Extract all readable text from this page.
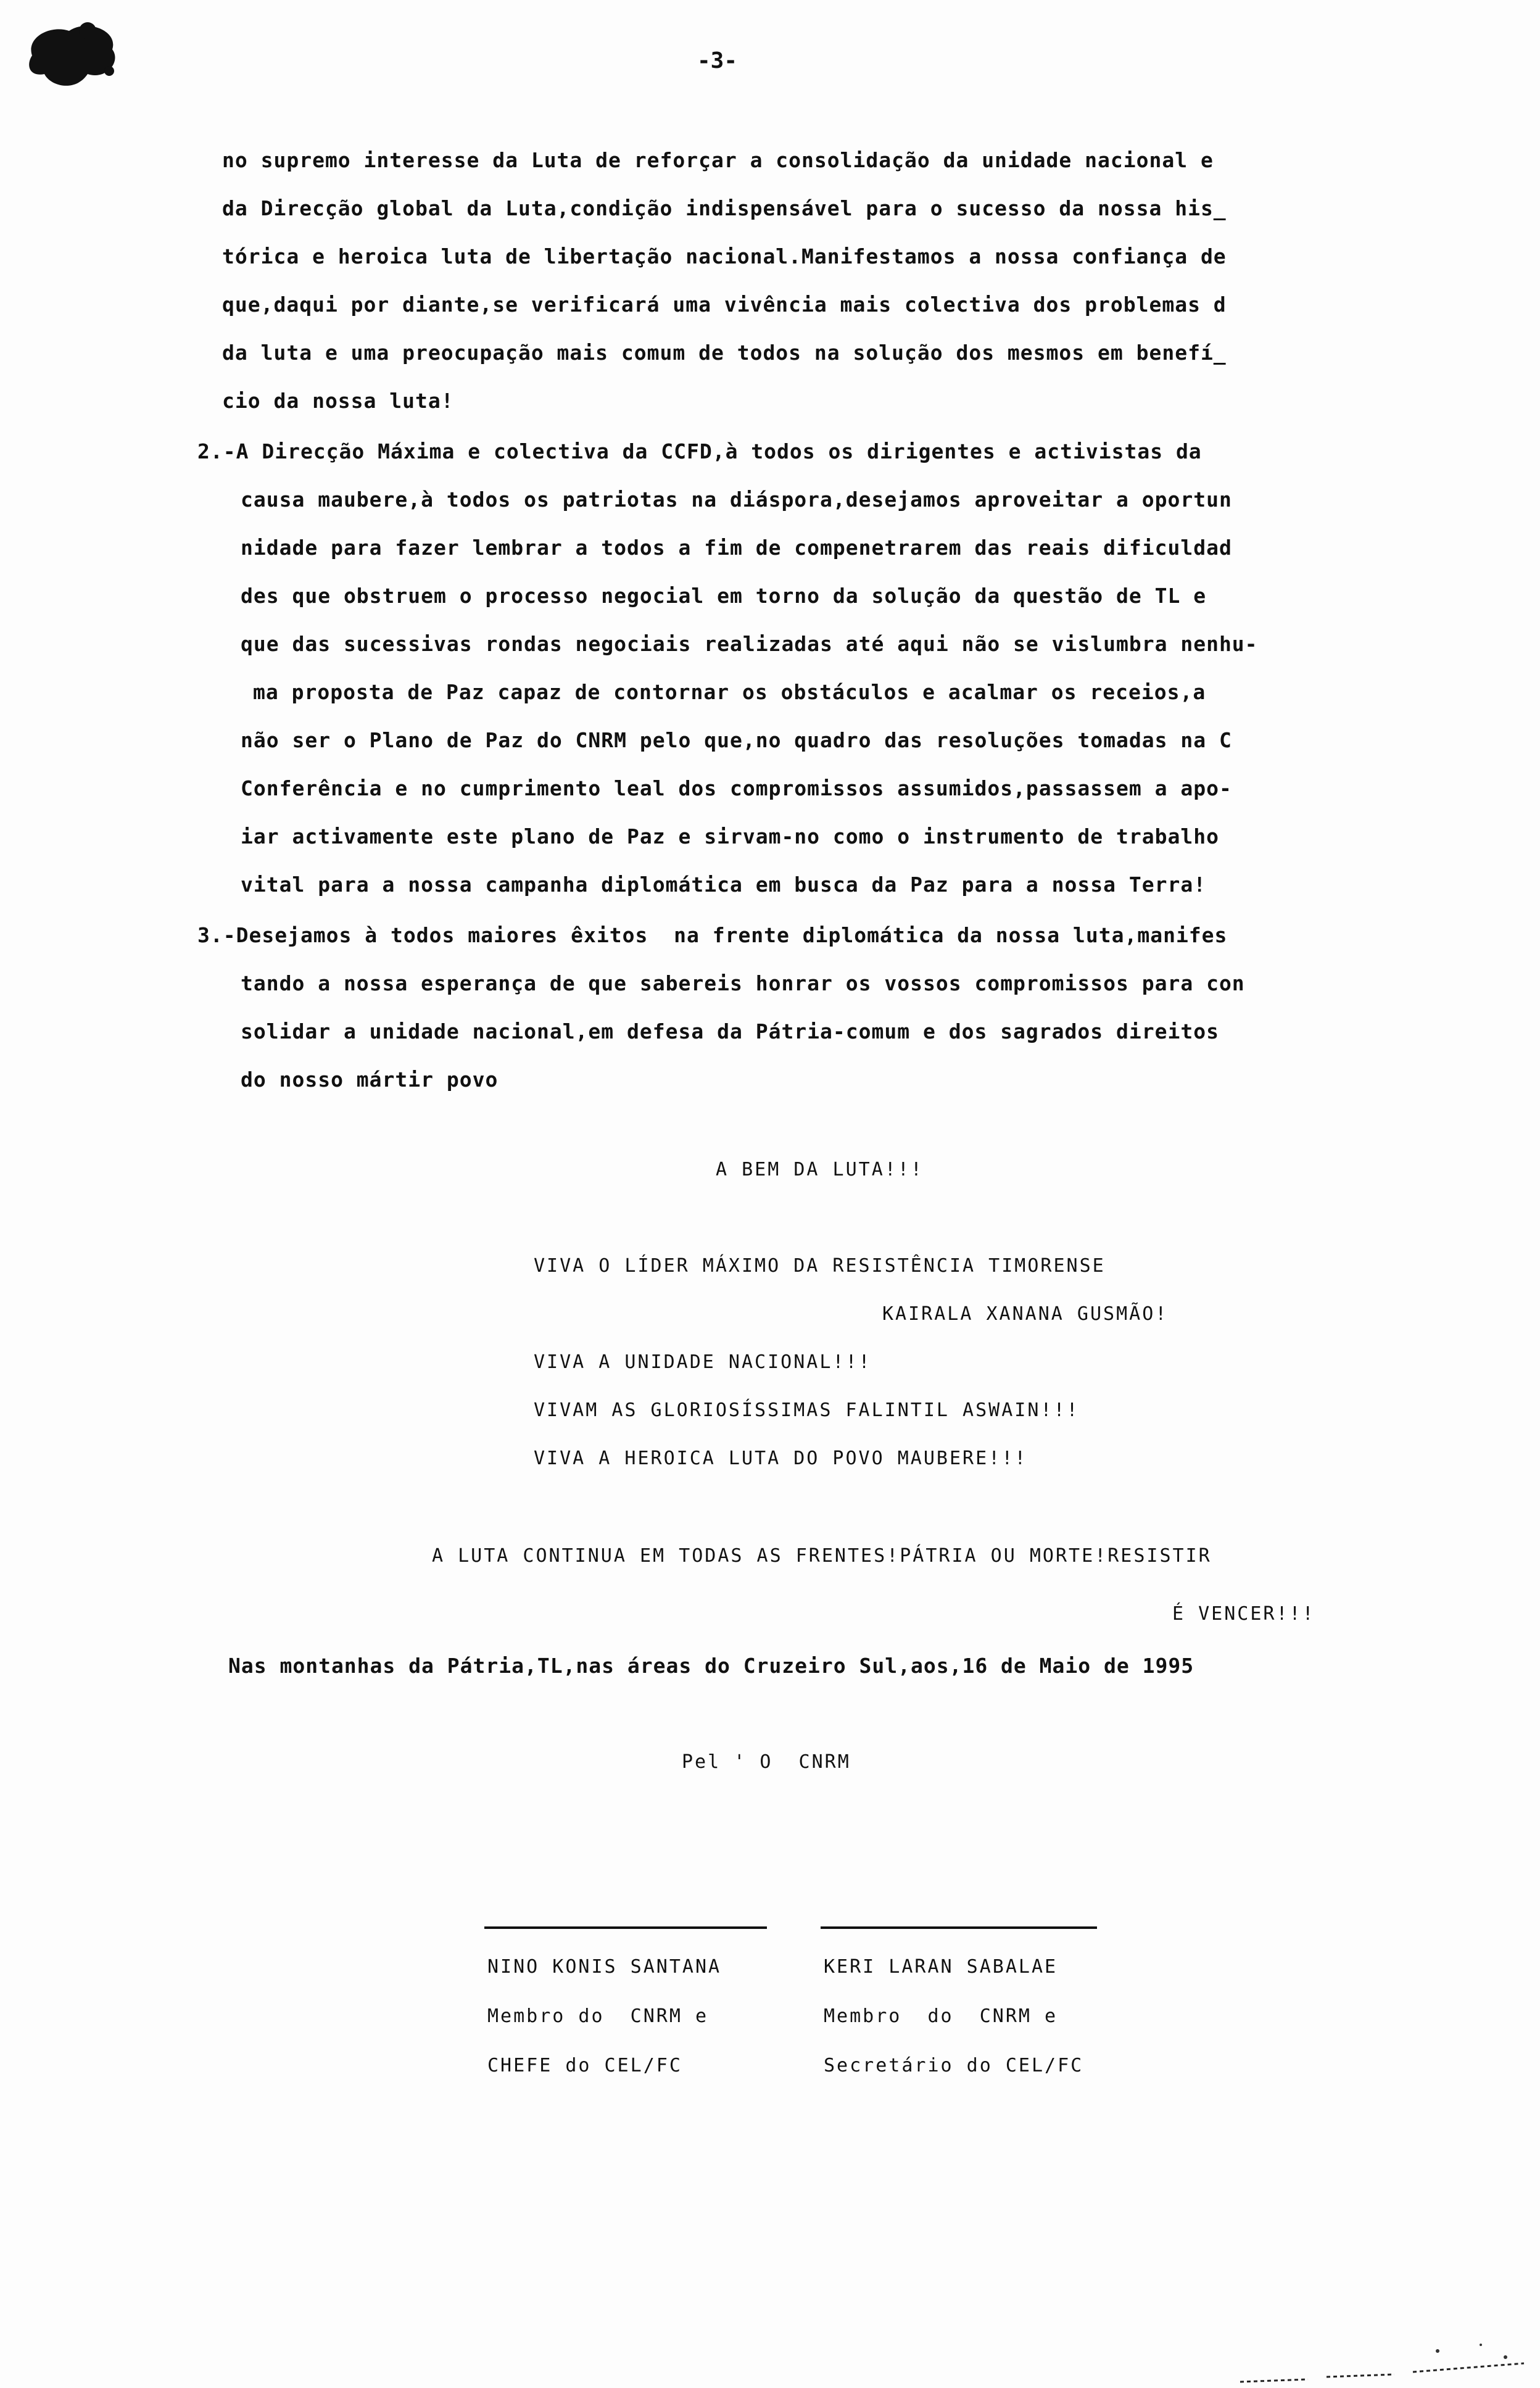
-3-
no supremo interesse da Luta de reforçar a consolidação da unidade nacional e
da Direcção global da Luta,condição indispensável para o sucesso da nossa his_
tórica e heroica luta de libertação nacional.Manifestamos a nossa confiança de
que,daqui por diante,se verificará uma vivência mais colectiva dos problemas d
da luta e uma preocupação mais comum de todos na solução dos mesmos em benefí_
cio da nossa luta!
2.-A Direcção Máxima e colectiva da CCFD,à todos os dirigentes e activistas da
causa maubere,à todos os patriotas na diáspora,desejamos aproveitar a oportun
nidade para fazer lembrar a todos a fim de compenetrarem das reais dificuldad
des que obstruem o processo negocial em torno da solução da questão de TL e
que das sucessivas rondas negociais realizadas até aqui não se vislumbra nenhu-
ma proposta de Paz capaz de contornar os obstáculos e acalmar os receios,a
não ser o Plano de Paz do CNRM pelo que,no quadro das resoluções tomadas na C
Conferência e no cumprimento leal dos compromissos assumidos,passassem a apo-
iar activamente este plano de Paz e sirvam-no como o instrumento de trabalho
vital para a nossa campanha diplomática em busca da Paz para a nossa Terra!
3.-Desejamos à todos maiores êxitos  na frente diplomática da nossa luta,manifes
tando a nossa esperança de que sabereis honrar os vossos compromissos para con
solidar a unidade nacional,em defesa da Pátria-comum e dos sagrados direitos
do nosso mártir povo
A BEM DA LUTA!!!
VIVA O LÍDER MÁXIMO DA RESISTÊNCIA TIMORENSE
KAIRALA XANANA GUSMÃO!
VIVA A UNIDADE NACIONAL!!!
VIVAM AS GLORIOSÍSSIMAS FALINTIL ASWAIN!!!
VIVA A HEROICA LUTA DO POVO MAUBERE!!!
A LUTA CONTINUA EM TODAS AS FRENTES!PÁTRIA OU MORTE!RESISTIR
É VENCER!!!
Nas montanhas da Pátria,TL,nas áreas do Cruzeiro Sul,aos,16 de Maio de 1995
Pel ' O  CNRM
NINO KONIS SANTANA
Membro do  CNRM e
CHEFE do CEL/FC
KERI LARAN SABALAE
Membro  do  CNRM e
Secretário do CEL/FC
